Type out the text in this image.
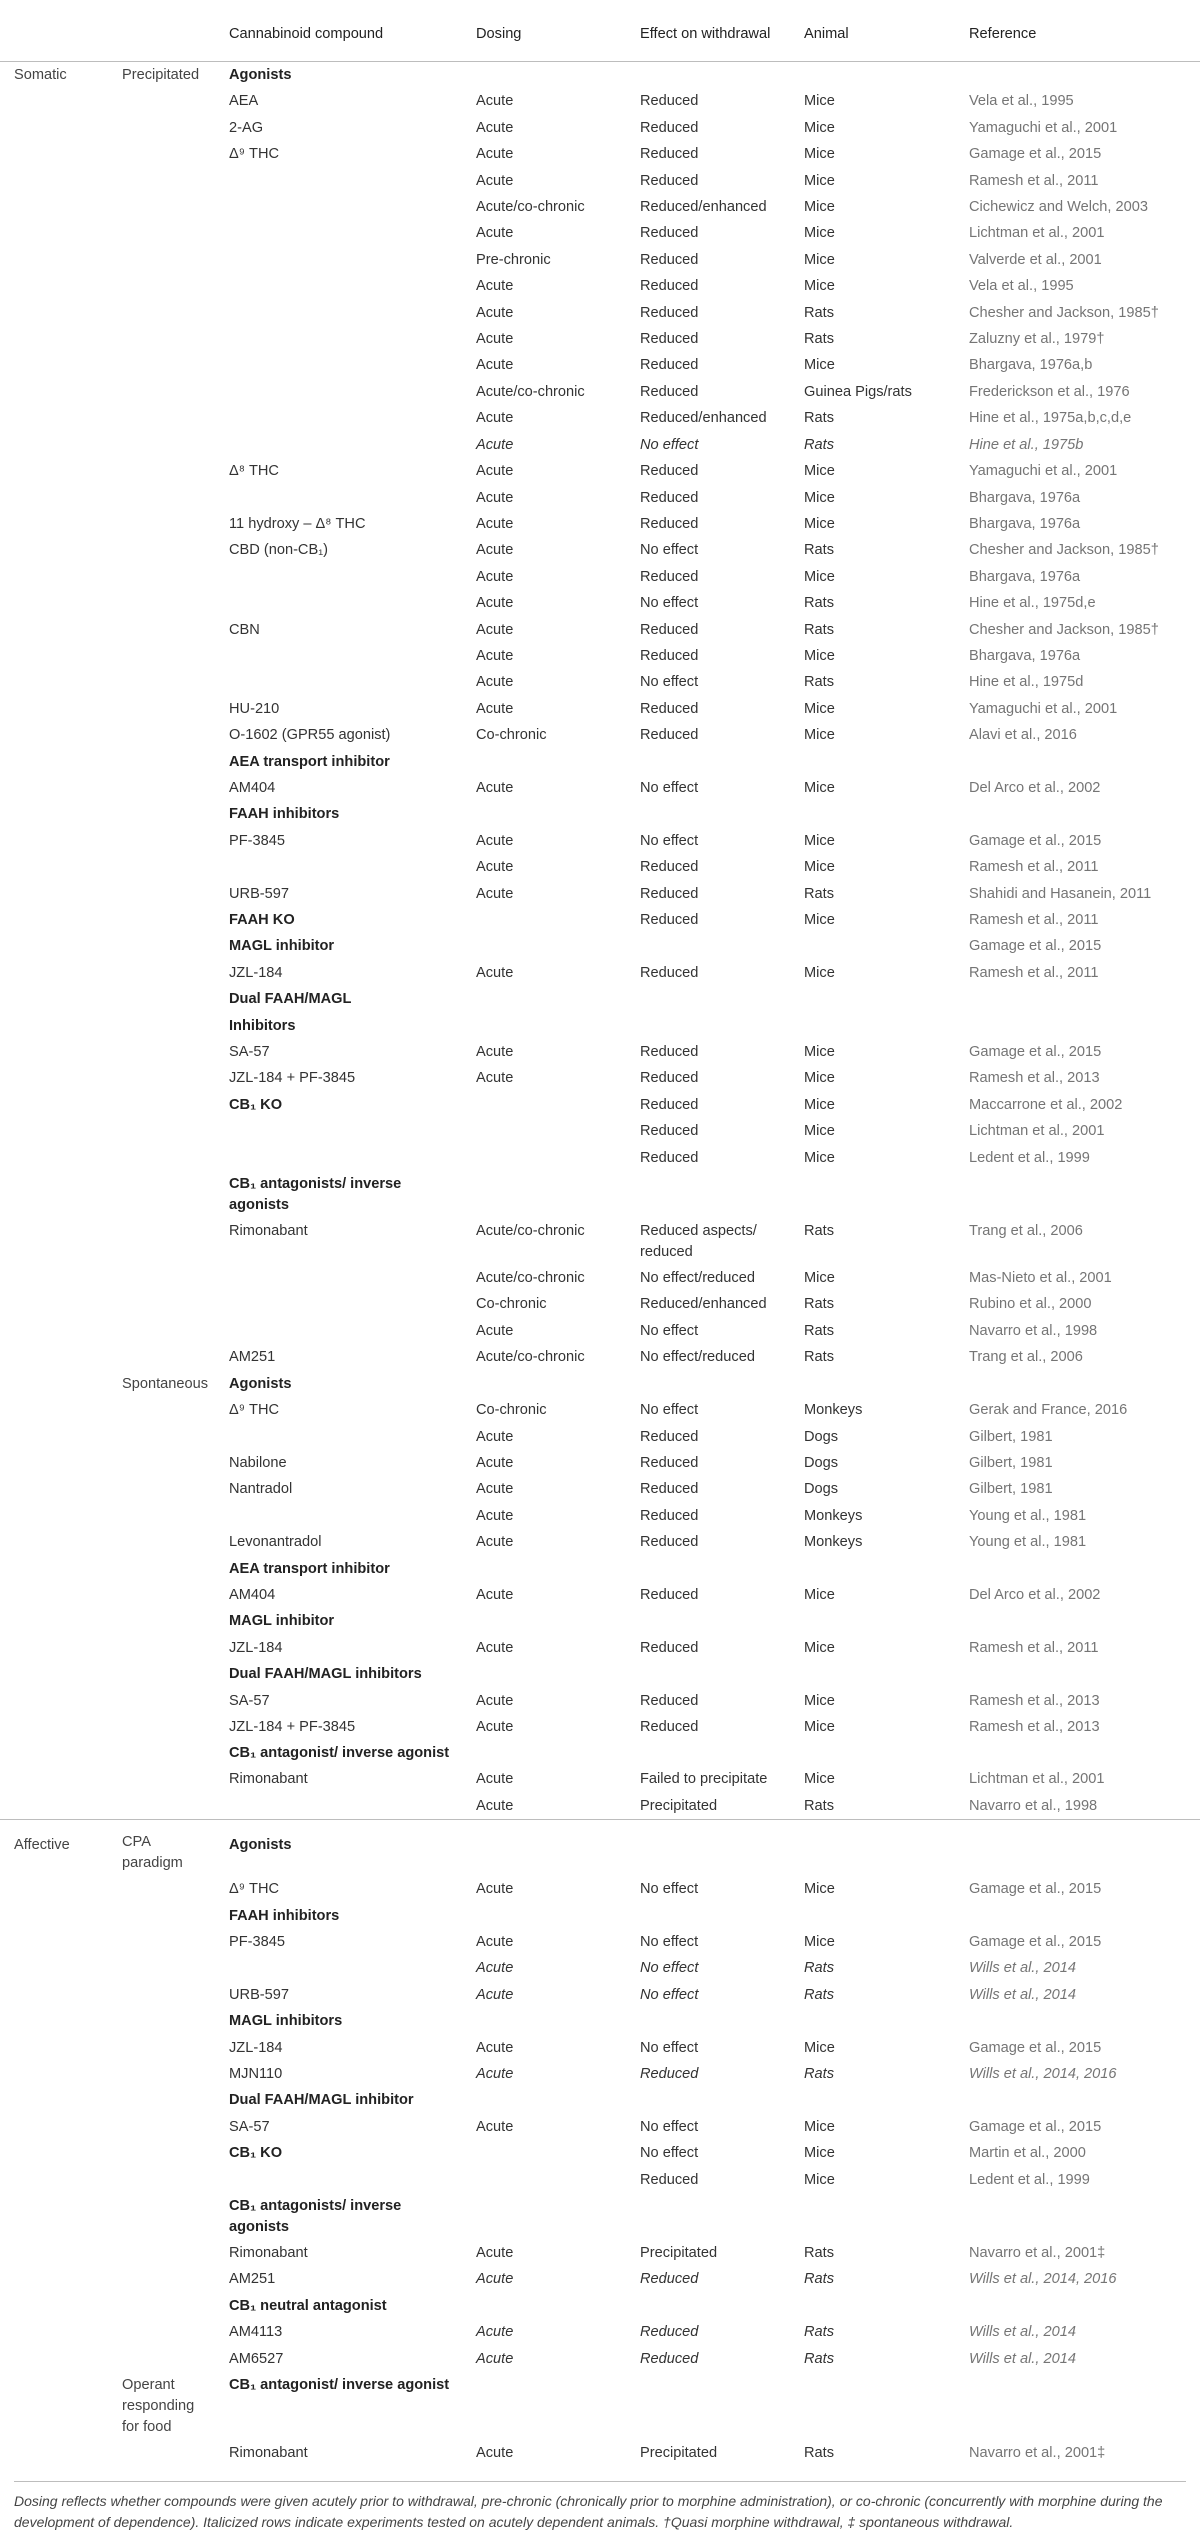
		Cannabinoid compound	Dosing	Effect on withdrawal	Animal	Reference
Somatic	Precipitated	Agonists				
		AEA	Acute	Reduced	Mice	Vela et al., 1995
		2-AG	Acute	Reduced	Mice	Yamaguchi et al., 2001
		Δ⁹ THC	Acute	Reduced	Mice	Gamage et al., 2015
			Acute	Reduced	Mice	Ramesh et al., 2011
			Acute/co-chronic	Reduced/enhanced	Mice	Cichewicz and Welch, 2003
			Acute	Reduced	Mice	Lichtman et al., 2001
			Pre-chronic	Reduced	Mice	Valverde et al., 2001
			Acute	Reduced	Mice	Vela et al., 1995
			Acute	Reduced	Rats	Chesher and Jackson, 1985†
			Acute	Reduced	Rats	Zaluzny et al., 1979†
			Acute	Reduced	Mice	Bhargava, 1976a,b
			Acute/co-chronic	Reduced	Guinea Pigs/rats	Frederickson et al., 1976
			Acute	Reduced/enhanced	Rats	Hine et al., 1975a,b,c,d,e
			Acute	No effect	Rats	Hine et al., 1975b
		Δ⁸ THC	Acute	Reduced	Mice	Yamaguchi et al., 2001
			Acute	Reduced	Mice	Bhargava, 1976a
		11 hydroxy – Δ⁸ THC	Acute	Reduced	Mice	Bhargava, 1976a
		CBD (non-CB₁)	Acute	No effect	Rats	Chesher and Jackson, 1985†
			Acute	Reduced	Mice	Bhargava, 1976a
			Acute	No effect	Rats	Hine et al., 1975d,e
		CBN	Acute	Reduced	Rats	Chesher and Jackson, 1985†
			Acute	Reduced	Mice	Bhargava, 1976a
			Acute	No effect	Rats	Hine et al., 1975d
		HU-210	Acute	Reduced	Mice	Yamaguchi et al., 2001
		O-1602 (GPR55 agonist)	Co-chronic	Reduced	Mice	Alavi et al., 2016
		AEA transport inhibitor				
		AM404	Acute	No effect	Mice	Del Arco et al., 2002
		FAAH inhibitors				
		PF-3845	Acute	No effect	Mice	Gamage et al., 2015
			Acute	Reduced	Mice	Ramesh et al., 2011
		URB-597	Acute	Reduced	Rats	Shahidi and Hasanein, 2011
		FAAH KO		Reduced	Mice	Ramesh et al., 2011
		MAGL inhibitor				Gamage et al., 2015
		JZL-184	Acute	Reduced	Mice	Ramesh et al., 2011
		Dual FAAH/MAGL				
		Inhibitors				
		SA-57	Acute	Reduced	Mice	Gamage et al., 2015
		JZL-184 + PF-3845	Acute	Reduced	Mice	Ramesh et al., 2013
		CB₁ KO		Reduced	Mice	Maccarrone et al., 2002
				Reduced	Mice	Lichtman et al., 2001
				Reduced	Mice	Ledent et al., 1999
		CB₁ antagonists/ inverse agonists				
		Rimonabant	Acute/co-chronic	Reduced aspects/ reduced	Rats	Trang et al., 2006
			Acute/co-chronic	No effect/reduced	Mice	Mas-Nieto et al., 2001
			Co-chronic	Reduced/enhanced	Rats	Rubino et al., 2000
			Acute	No effect	Rats	Navarro et al., 1998
		AM251	Acute/co-chronic	No effect/reduced	Rats	Trang et al., 2006
	Spontaneous	Agonists				
		Δ⁹ THC	Co-chronic	No effect	Monkeys	Gerak and France, 2016
			Acute	Reduced	Dogs	Gilbert, 1981
		Nabilone	Acute	Reduced	Dogs	Gilbert, 1981
		Nantradol	Acute	Reduced	Dogs	Gilbert, 1981
			Acute	Reduced	Monkeys	Young et al., 1981
		Levonantradol	Acute	Reduced	Monkeys	Young et al., 1981
		AEA transport inhibitor				
		AM404	Acute	Reduced	Mice	Del Arco et al., 2002
		MAGL inhibitor				
		JZL-184	Acute	Reduced	Mice	Ramesh et al., 2011
		Dual FAAH/MAGL inhibitors				
		SA-57	Acute	Reduced	Mice	Ramesh et al., 2013
		JZL-184 + PF-3845	Acute	Reduced	Mice	Ramesh et al., 2013
		CB₁ antagonist/ inverse agonist				
		Rimonabant	Acute	Failed to precipitate	Mice	Lichtman et al., 2001
			Acute	Precipitated	Rats	Navarro et al., 1998
Affective	CPA paradigm	Agonists				
		Δ⁹ THC	Acute	No effect	Mice	Gamage et al., 2015
		FAAH inhibitors				
		PF-3845	Acute	No effect	Mice	Gamage et al., 2015
			Acute	No effect	Rats	Wills et al., 2014
		URB-597	Acute	No effect	Rats	Wills et al., 2014
		MAGL inhibitors				
		JZL-184	Acute	No effect	Mice	Gamage et al., 2015
		MJN110	Acute	Reduced	Rats	Wills et al., 2014, 2016
		Dual FAAH/MAGL inhibitor				
		SA-57	Acute	No effect	Mice	Gamage et al., 2015
		CB₁ KO		No effect	Mice	Martin et al., 2000
				Reduced	Mice	Ledent et al., 1999
		CB₁ antagonists/ inverse agonists				
		Rimonabant	Acute	Precipitated	Rats	Navarro et al., 2001‡
		AM251	Acute	Reduced	Rats	Wills et al., 2014, 2016
		CB₁ neutral antagonist				
		AM4113	Acute	Reduced	Rats	Wills et al., 2014
		AM6527	Acute	Reduced	Rats	Wills et al., 2014
	Operant responding for food	CB₁ antagonist/ inverse agonist				
		Rimonabant	Acute	Precipitated	Rats	Navarro et al., 2001‡
Dosing reflects whether compounds were given acutely prior to withdrawal, pre-chronic (chronically prior to morphine administration), or co-chronic (concurrently with morphine during the development of dependence). Italicized rows indicate experiments tested on acutely dependent animals. †Quasi morphine withdrawal, ‡ spontaneous withdrawal.
